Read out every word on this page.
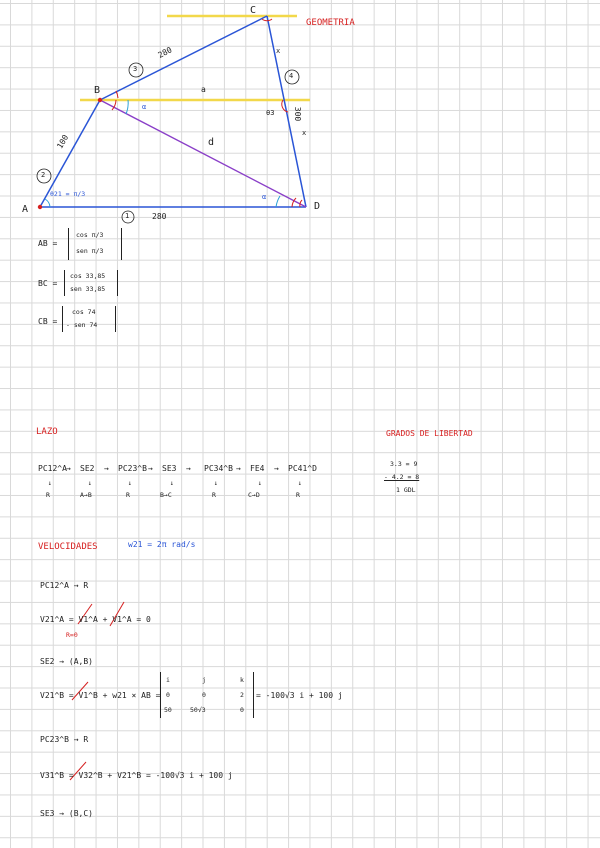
GEOMETRIA
LAZO	GRADOS DE LIBERTAD
VELOCIDADES	w21 = 2π rad/s
A
B
C
D
100
280
280
300
a
d
x
x
α
α
θ3
θ21 = π/3
1
2
3
4
AB =
cos π/3
sen π/3
BC =
cos 33,85
sen 33,85
CB =
cos 74
- sen 74
PC12^A → SE2 → PC23^B → SE3 → PC34^B → FE4 → PC41^D
↓	↓	↓	↓	↓	↓	↓
R	A→B	R	B→C	R	C→D	R
3.3 = 9
- 4.2 = 8
1 GDL
PC12^A → R
V21^A = V1^A + V1^A = 0
R=0
SE2 → (A,B)
V21^B = V1^B + w21 × AB =
i	j	k
0	0	2
50	50√3	0
= -100√3 i + 100 j
PC23^B → R
V31^B = V32^B + V21^B = -100√3 i + 100 j
SE3 → (B,C)
